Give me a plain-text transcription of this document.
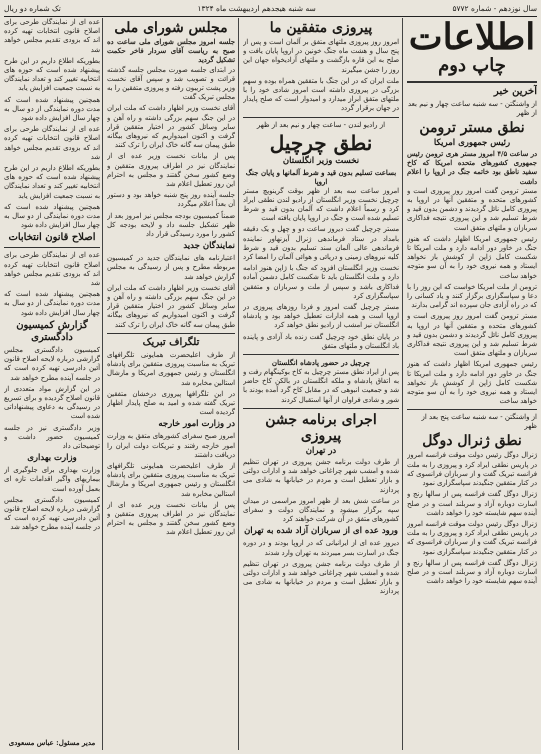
سال نوزدهم - شماره ۵۷۷۲
سه شنبه هیجدهم اردیبهشت ماه ۱۳۲۴
تک شماره دو ریال
اطلاعات
چاپ دوم
آخرین خبر
از واشنگتن - سه شنبه ساعت چهار و نیم بعد از ظهر
نطق مستر ترومن
رئیس جمهوری امریکا
در ساعت ۴/۵ امروز مستر هری ترومن رئیس جمهوری کشورهای متحده امریکا که کاخ سفید ناطق بود خاتمه جنگ در اروپا را اعلام داشت

مستر ترومن گفت امروز روز پیروزی است و کشورهای متحده و متفقین آنها در اروپا به پیروزی کامل نائل گردیدند و دشمن بدون قید و شرط تسلیم شد و این پیروزی نتیجه فداکاری سربازان و ملتهای متفق است

رئیس جمهوری امریکا اظهار داشت که هنوز جنگ در خاور دور ادامه دارد و ملت امریکا تا شکست کامل ژاپن از کوشش باز نخواهد ایستاد و همه نیروی خود را به آن سو متوجه خواهد ساخت

ترومن از ملت امریکا خواست که این روز را با دعا و سپاسگزاری برگزار کنند و یاد کسانی را که در راه آزادی جان سپرده اند گرامی بدارند

مستر ترومن گفت امروز روز پیروزی است و کشورهای متحده و متفقین آنها در اروپا به پیروزی کامل نائل گردیدند و دشمن بدون قید و شرط تسلیم شد و این پیروزی نتیجه فداکاری سربازان و ملتهای متفق است

رئیس جمهوری امریکا اظهار داشت که هنوز جنگ در خاور دور ادامه دارد و ملت امریکا تا شکست کامل ژاپن از کوشش باز نخواهد ایستاد و همه نیروی خود را به آن سو متوجه خواهد ساخت

از واشنگتن - سه شنبه ساعت پنج بعد از ظهر
نطق ژنرال دوگل

ژنرال دوگل رئیس دولت موقت فرانسه امروز در پاریس نطقی ایراد کرد و پیروزی را به ملت فرانسه تبریک گفت و از سربازان فرانسوی که در کنار متفقین جنگیدند سپاسگزاری نمود

ژنرال دوگل گفت فرانسه پس از سالها رنج و اسارت دوباره آزاد و سربلند است و در صلح آینده سهم شایسته خود را خواهد داشت

ژنرال دوگل رئیس دولت موقت فرانسه امروز در پاریس نطقی ایراد کرد و پیروزی را به ملت فرانسه تبریک گفت و از سربازان فرانسوی که در کنار متفقین جنگیدند سپاسگزاری نمود

ژنرال دوگل گفت فرانسه پس از سالها رنج و اسارت دوباره آزاد و سربلند است و در صلح آینده سهم شایسته خود را خواهد داشت

پیروزی متفقین ما

امروز روز پیروزی ملتهای متفق بر آلمان است و پس از پنج سال و هشت ماه جنگ خونین در اروپا پایان یافت و صلح به این قاره بازگشت و ملتهای آزادیخواه جهان این روز را جشن میگیرند

ملت ایران که در این جنگ با متفقین همراه بوده و سهم بزرگی در پیروزی داشته است امروز شادی خود را با ملتهای متفق ابراز میدارد و امیدوار است که صلح پایدار در جهان برقرار گردد

از رادیو لندن - ساعت چهار و نیم بعد از ظهر
نطق چرچیل
نخست وزیر انگلستان
بساعت تسلیم بدون قید و شرط آلمانها و پایان جنگ اروپا

امروز ساعت سه بعد از ظهر بوقت گرینویچ مستر چرچیل نخست وزیر انگلستان از رادیو لندن نطقی ایراد کرد و رسماً اعلام داشت که آلمان بدون قید و شرط تسلیم شده است و جنگ در اروپا پایان یافته است

مستر چرچیل گفت دیروز ساعت دو و چهل و یک دقیقه بامداد در ستاد فرماندهی ژنرال آیزنهاور نماینده فرماندهی عالی آلمان سند تسلیم بدون قید و شرط کلیه نیروهای زمینی و دریائی و هوائی آلمان را امضا کرد

نخست وزیر انگلستان افزود که جنگ با ژاپن هنوز ادامه دارد و ملت انگلستان باید تا شکست کامل دشمن آماده فداکاری باشد و سپس از ملت و سربازان و متفقین سپاسگزاری کرد

مستر چرچیل گفت امروز و فردا روزهای پیروزی در اروپا است و همه ادارات تعطیل خواهد بود و پادشاه انگلستان نیز امشب از رادیو نطق خواهد کرد

در پایان نطق خود چرچیل گفت زنده باد آزادی و پاینده باد انگلستان و ملتهای متفق

چرچیل در حضور پادشاه انگلستان

پس از ایراد نطق مستر چرچیل به کاخ بوکینگهام رفت و به اتفاق پادشاه و ملکه انگلستان در بالکن کاخ حاضر شد و جمعیت انبوهی که در مقابل کاخ گرد آمده بودند با شور و شادی فراوان از آنها استقبال کردند

اجرای برنامه جشن پیروزی
در تهران

از طرف دولت برنامه جشن پیروزی در تهران تنظیم شده و امشب شهر چراغانی خواهد شد و ادارات دولتی و بازار تعطیل است و مردم در خیابانها به شادی می پردازند

در ساعت شش بعد از ظهر امروز مراسمی در میدان سپه برگزار میشود و نمایندگان دولت و سفرای کشورهای متفق در آن شرکت خواهند کرد

ورود عده ای از سربازان آزاد شده به تهران

دیروز عده ای از ایرانیانی که در اروپا بودند و در دوره جنگ در اسارت بسر میبردند به تهران وارد شدند

از طرف دولت برنامه جشن پیروزی در تهران تنظیم شده و امشب شهر چراغانی خواهد شد و ادارات دولتی و بازار تعطیل است و مردم در خیابانها به شادی می پردازند

مجلس شورای ملی
جلسه امروز مجلس شورای ملی ساعت ده صبح به ریاست آقای سردار فاخر حکمت تشکیل گردید

در ابتدای جلسه صورت مجلس جلسه گذشته قرائت و تصویب شد و سپس آقای نخست وزیر پشت تریبون رفته و پیروزی متفقین را به مجلس تبریک گفت

آقای نخست وزیر اظهار داشت که ملت ایران در این جنگ سهم بزرگی داشته و راه آهن و سایر وسائل کشور در اختیار متفقین قرار گرفت و اکنون امیدواریم که نیروهای بیگانه طبق پیمان سه گانه خاک ایران را ترک کنند

پس از بیانات نخست وزیر عده ای از نمایندگان نیز در اطراف پیروزی متفقین و وضع کشور سخن گفتند و مجلس به احترام این روز تعطیل اعلام شد

جلسه آینده روز پنج شنبه خواهد بود و دستور آن بعداً اعلام میگردد

ضمناً کمیسیون بودجه مجلس نیز امروز بعد از ظهر تشکیل جلسه داد و لایحه بودجه کل کشور را مورد رسیدگی قرار داد

نمایندگان جدید

اعتبارنامه های نمایندگان جدید در کمیسیون مربوطه مطرح و پس از رسیدگی به مجلس گزارش خواهد شد

آقای نخست وزیر اظهار داشت که ملت ایران در این جنگ سهم بزرگی داشته و راه آهن و سایر وسائل کشور در اختیار متفقین قرار گرفت و اکنون امیدواریم که نیروهای بیگانه طبق پیمان سه گانه خاک ایران را ترک کنند

تلگراف تبریک

از طرف اعلیحضرت همایونی تلگرافهای تبریک به مناسبت پیروزی متفقین برای پادشاه انگلستان و رئیس جمهوری امریکا و مارشال استالین مخابره شد

در این تلگرافها پیروزی درخشان متفقین تبریک گفته شده و امید به صلح پایدار اظهار گردیده است

در وزارت امور خارجه

امروز صبح سفرای کشورهای متفق به وزارت امور خارجه رفتند و تبریکات دولت ایران را دریافت داشتند

از طرف اعلیحضرت همایونی تلگرافهای تبریک به مناسبت پیروزی متفقین برای پادشاه انگلستان و رئیس جمهوری امریکا و مارشال استالین مخابره شد

پس از بیانات نخست وزیر عده ای از نمایندگان نیز در اطراف پیروزی متفقین و وضع کشور سخن گفتند و مجلس به احترام این روز تعطیل اعلام شد

عده ای از نمایندگان طرحی برای اصلاح قانون انتخابات تهیه کرده اند که بزودی تقدیم مجلس خواهد شد

بطوریکه اطلاع داریم در این طرح پیشنهاد شده است که حوزه های انتخابیه تغییر کند و تعداد نمایندگان به نسبت جمعیت افزایش یابد

همچنین پیشنهاد شده است که مدت دوره نمایندگی از دو سال به چهار سال افزایش داده شود

عده ای از نمایندگان طرحی برای اصلاح قانون انتخابات تهیه کرده اند که بزودی تقدیم مجلس خواهد شد

بطوریکه اطلاع داریم در این طرح پیشنهاد شده است که حوزه های انتخابیه تغییر کند و تعداد نمایندگان به نسبت جمعیت افزایش یابد

همچنین پیشنهاد شده است که مدت دوره نمایندگی از دو سال به چهار سال افزایش داده شود

اصلاح قانون انتخابات

عده ای از نمایندگان طرحی برای اصلاح قانون انتخابات تهیه کرده اند که بزودی تقدیم مجلس خواهد شد

همچنین پیشنهاد شده است که مدت دوره نمایندگی از دو سال به چهار سال افزایش داده شود

گزارش کمیسیون دادگستری

کمیسیون دادگستری مجلس گزارشی درباره لایحه اصلاح قانون آئین دادرسی تهیه کرده است که در جلسه آینده مطرح خواهد شد

در این گزارش مواد متعددی از قانون اصلاح گردیده و برای تسریع در رسیدگی به دعاوی پیشنهاداتی شده است

وزیر دادگستری نیز در جلسه کمیسیون حضور داشت و توضیحاتی داد

وزارت بهداری

وزارت بهداری برای جلوگیری از بیماریهای واگیر اقدامات تازه ای بعمل آورده است

کمیسیون دادگستری مجلس گزارشی درباره لایحه اصلاح قانون آئین دادرسی تهیه کرده است که در جلسه آینده مطرح خواهد شد

مدیر مسئول: عباس مسعودی
